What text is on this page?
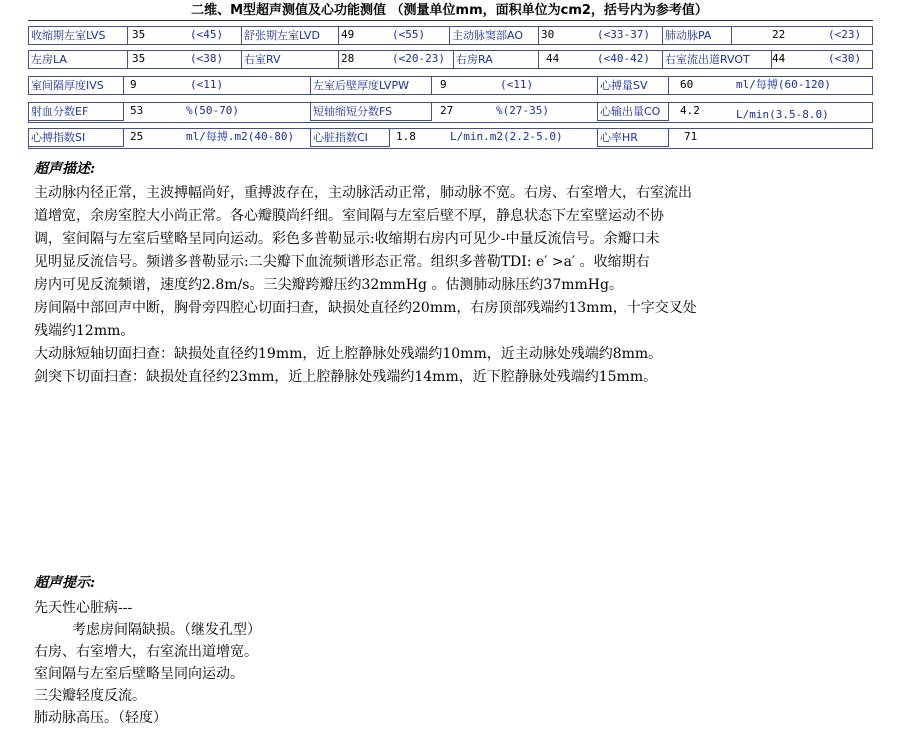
二维、M型超声测值及心功能测值 （测量单位mm，面积单位为cm2，括号内为参考值）
收缩期左室LVS	35	(<45)	舒张期左室LVD	49	(<55)	主动脉窦部AO	30	(<33-37)	肺动脉PA	22	(<23)
左房LA	35	(<38)	右室RV	28	(<20-23) 右房RA	44	(<40-42)	右室流出道RVOT	44	(<30)
室间隔厚度IVS	9	(<11)	左室后壁厚度LVPW	9	(<11)	心搏量SV	60	ml/每搏(60-120)
射血分数EF	53	%(50-70)	短轴缩短分数FS	27	%(27-35)	心输出量CO	4.2	L/min(3.5-8.0)
心搏指数SI	25	ml/每搏.m2(40-80)	心脏指数CI	1.8	L/min.m2(2.2-5.0)	心率HR	71
超声描述:
主动脉内径正常，主波搏幅尚好，重搏波存在，主动脉活动正常，肺动脉不宽。右房、右室增大，右室流出
道增宽，余房室腔大小尚正常。各心瓣膜尚纤细。室间隔与左室后壁不厚，静息状态下左室壁运动不协
调，室间隔与左室后壁略呈同向运动。彩色多普勒显示:收缩期右房内可见少-中量反流信号。余瓣口未
见明显反流信号。频谱多普勒显示:二尖瓣下血流频谱形态正常。组织多普勒TDI: e′ >a′ 。收缩期右
房内可见反流频谱，速度约2.8m/s。三尖瓣跨瓣压约32mmHg 。估测肺动脉压约37mmHg。
房间隔中部回声中断，胸骨旁四腔心切面扫查，缺损处直径约20mm，右房顶部残端约13mm，十字交叉处
残端约12mm。
大动脉短轴切面扫查：缺损处直径约19mm，近上腔静脉处残端约10mm，近主动脉处残端约8mm。
剑突下切面扫查：缺损处直径约23mm，近上腔静脉处残端约14mm，近下腔静脉处残端约15mm。
超声提示:
先天性心脏病---
考虑房间隔缺损。（继发孔型）
右房、右室增大，右室流出道增宽。
室间隔与左室后壁略呈同向运动。
三尖瓣轻度反流。
肺动脉高压。（轻度）
